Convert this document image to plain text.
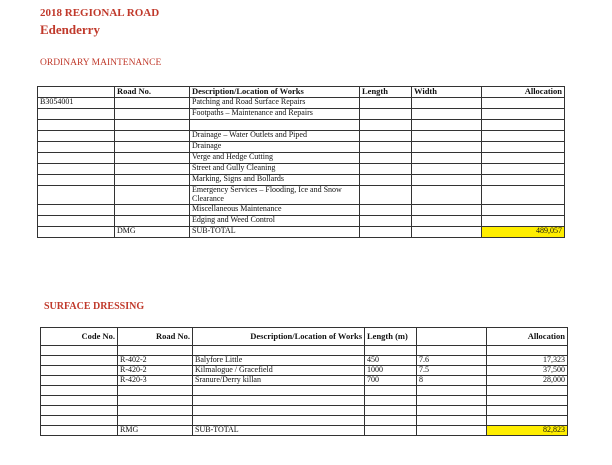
2018 REGIONAL ROAD
Edenderry
ORDINARY MAINTENANCE
	Road No.	Description/Location of Works	Length	Width	Allocation
B3054001		Patching and Road Surface Repairs			
		Footpaths – Maintenance and Repairs			

		Drainage – Water Outlets and Piped			
		Drainage			
		Verge and Hedge Cutting			
		Street and Gully Cleaning			
		Marking, Signs and Bollards			
		Emergency Services – Flooding, Ice and Snow Clearance			
		Miscellaneous Maintenance			
		Edging and Weed Control			
	DMG	SUB-TOTAL			489,057
SURFACE DRESSING
Code No.	Road No.	Description/Location of Works	Length (m)		Allocation

	R-402-2	Balyfore Little	450	7.6	17,323
	R-420-2	Kilmalogue / Gracefield	1000	7.5	37,500
	R-420-3	Sranure/Derry killan	700	8	28,000

	RMG	SUB-TOTAL			82,823
